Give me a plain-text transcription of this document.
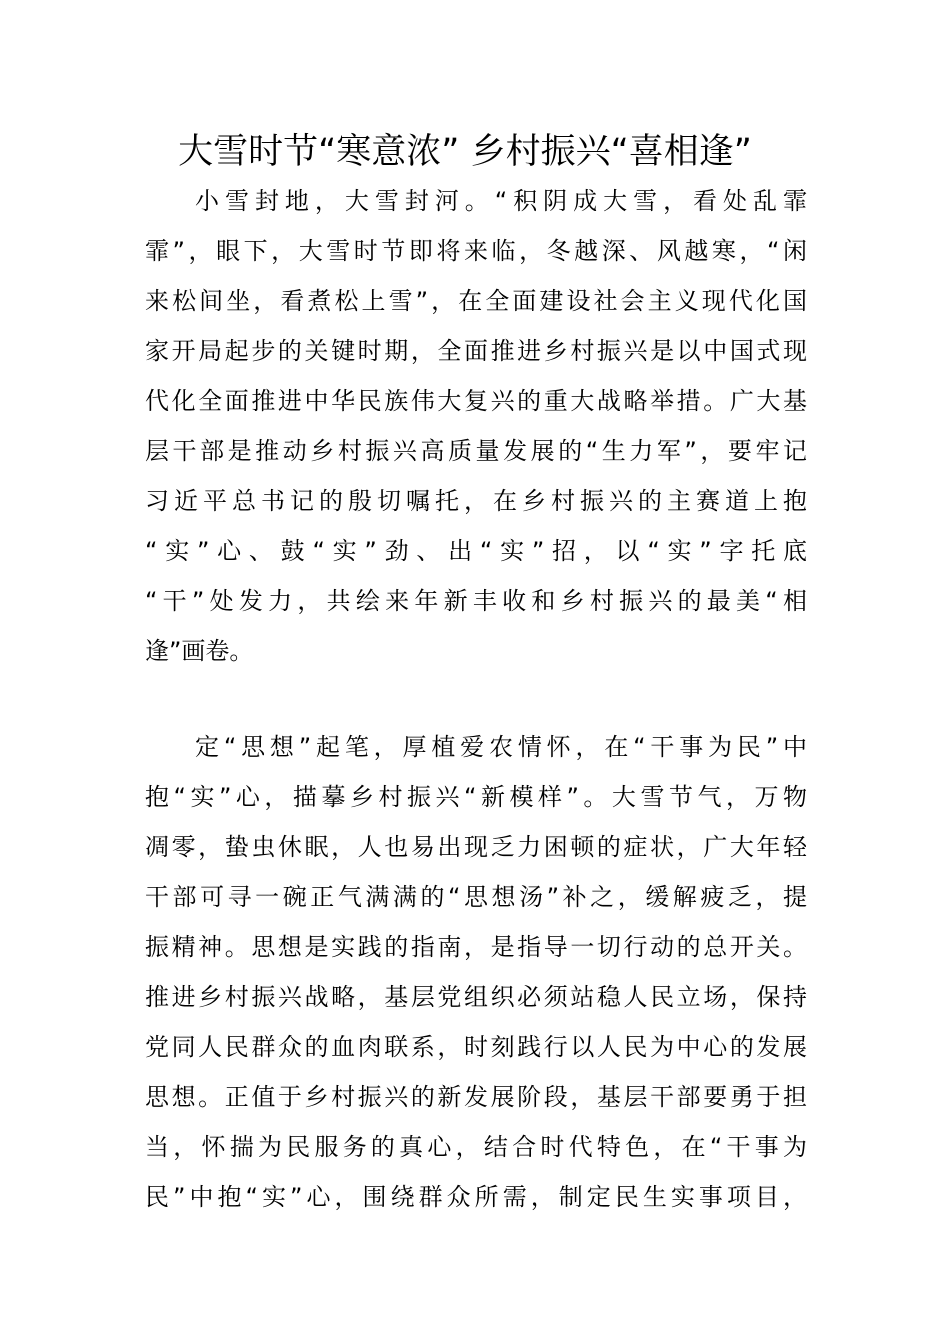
大雪时节“寒意浓” 乡村振兴“喜相逢”
小雪封地，大雪封河。“积阴成大雪，看处乱霏
霏”，眼下，大雪时节即将来临，冬越深、风越寒，“闲
来松间坐，看煮松上雪”，在全面建设社会主义现代化国
家开局起步的关键时期，全面推进乡村振兴是以中国式现
代化全面推进中华民族伟大复兴的重大战略举措。广大基
层干部是推动乡村振兴高质量发展的“生力军”，要牢记
习近平总书记的殷切嘱托，在乡村振兴的主赛道上抱
“实”心、鼓“实”劲、出“实”招，以“实”字托底
“干”处发力，共绘来年新丰收和乡村振兴的最美“相
逢”画卷。
定“思想”起笔，厚植爱农情怀，在“干事为民”中
抱“实”心，描摹乡村振兴“新模样”。大雪节气，万物
凋零，蛰虫休眠，人也易出现乏力困顿的症状，广大年轻
干部可寻一碗正气满满的“思想汤”补之，缓解疲乏，提
振精神。思想是实践的指南，是指导一切行动的总开关。
推进乡村振兴战略，基层党组织必须站稳人民立场，保持
党同人民群众的血肉联系，时刻践行以人民为中心的发展
思想。正值于乡村振兴的新发展阶段，基层干部要勇于担
当，怀揣为民服务的真心，结合时代特色，在“干事为
民”中抱“实”心，围绕群众所需，制定民生实事项目，
